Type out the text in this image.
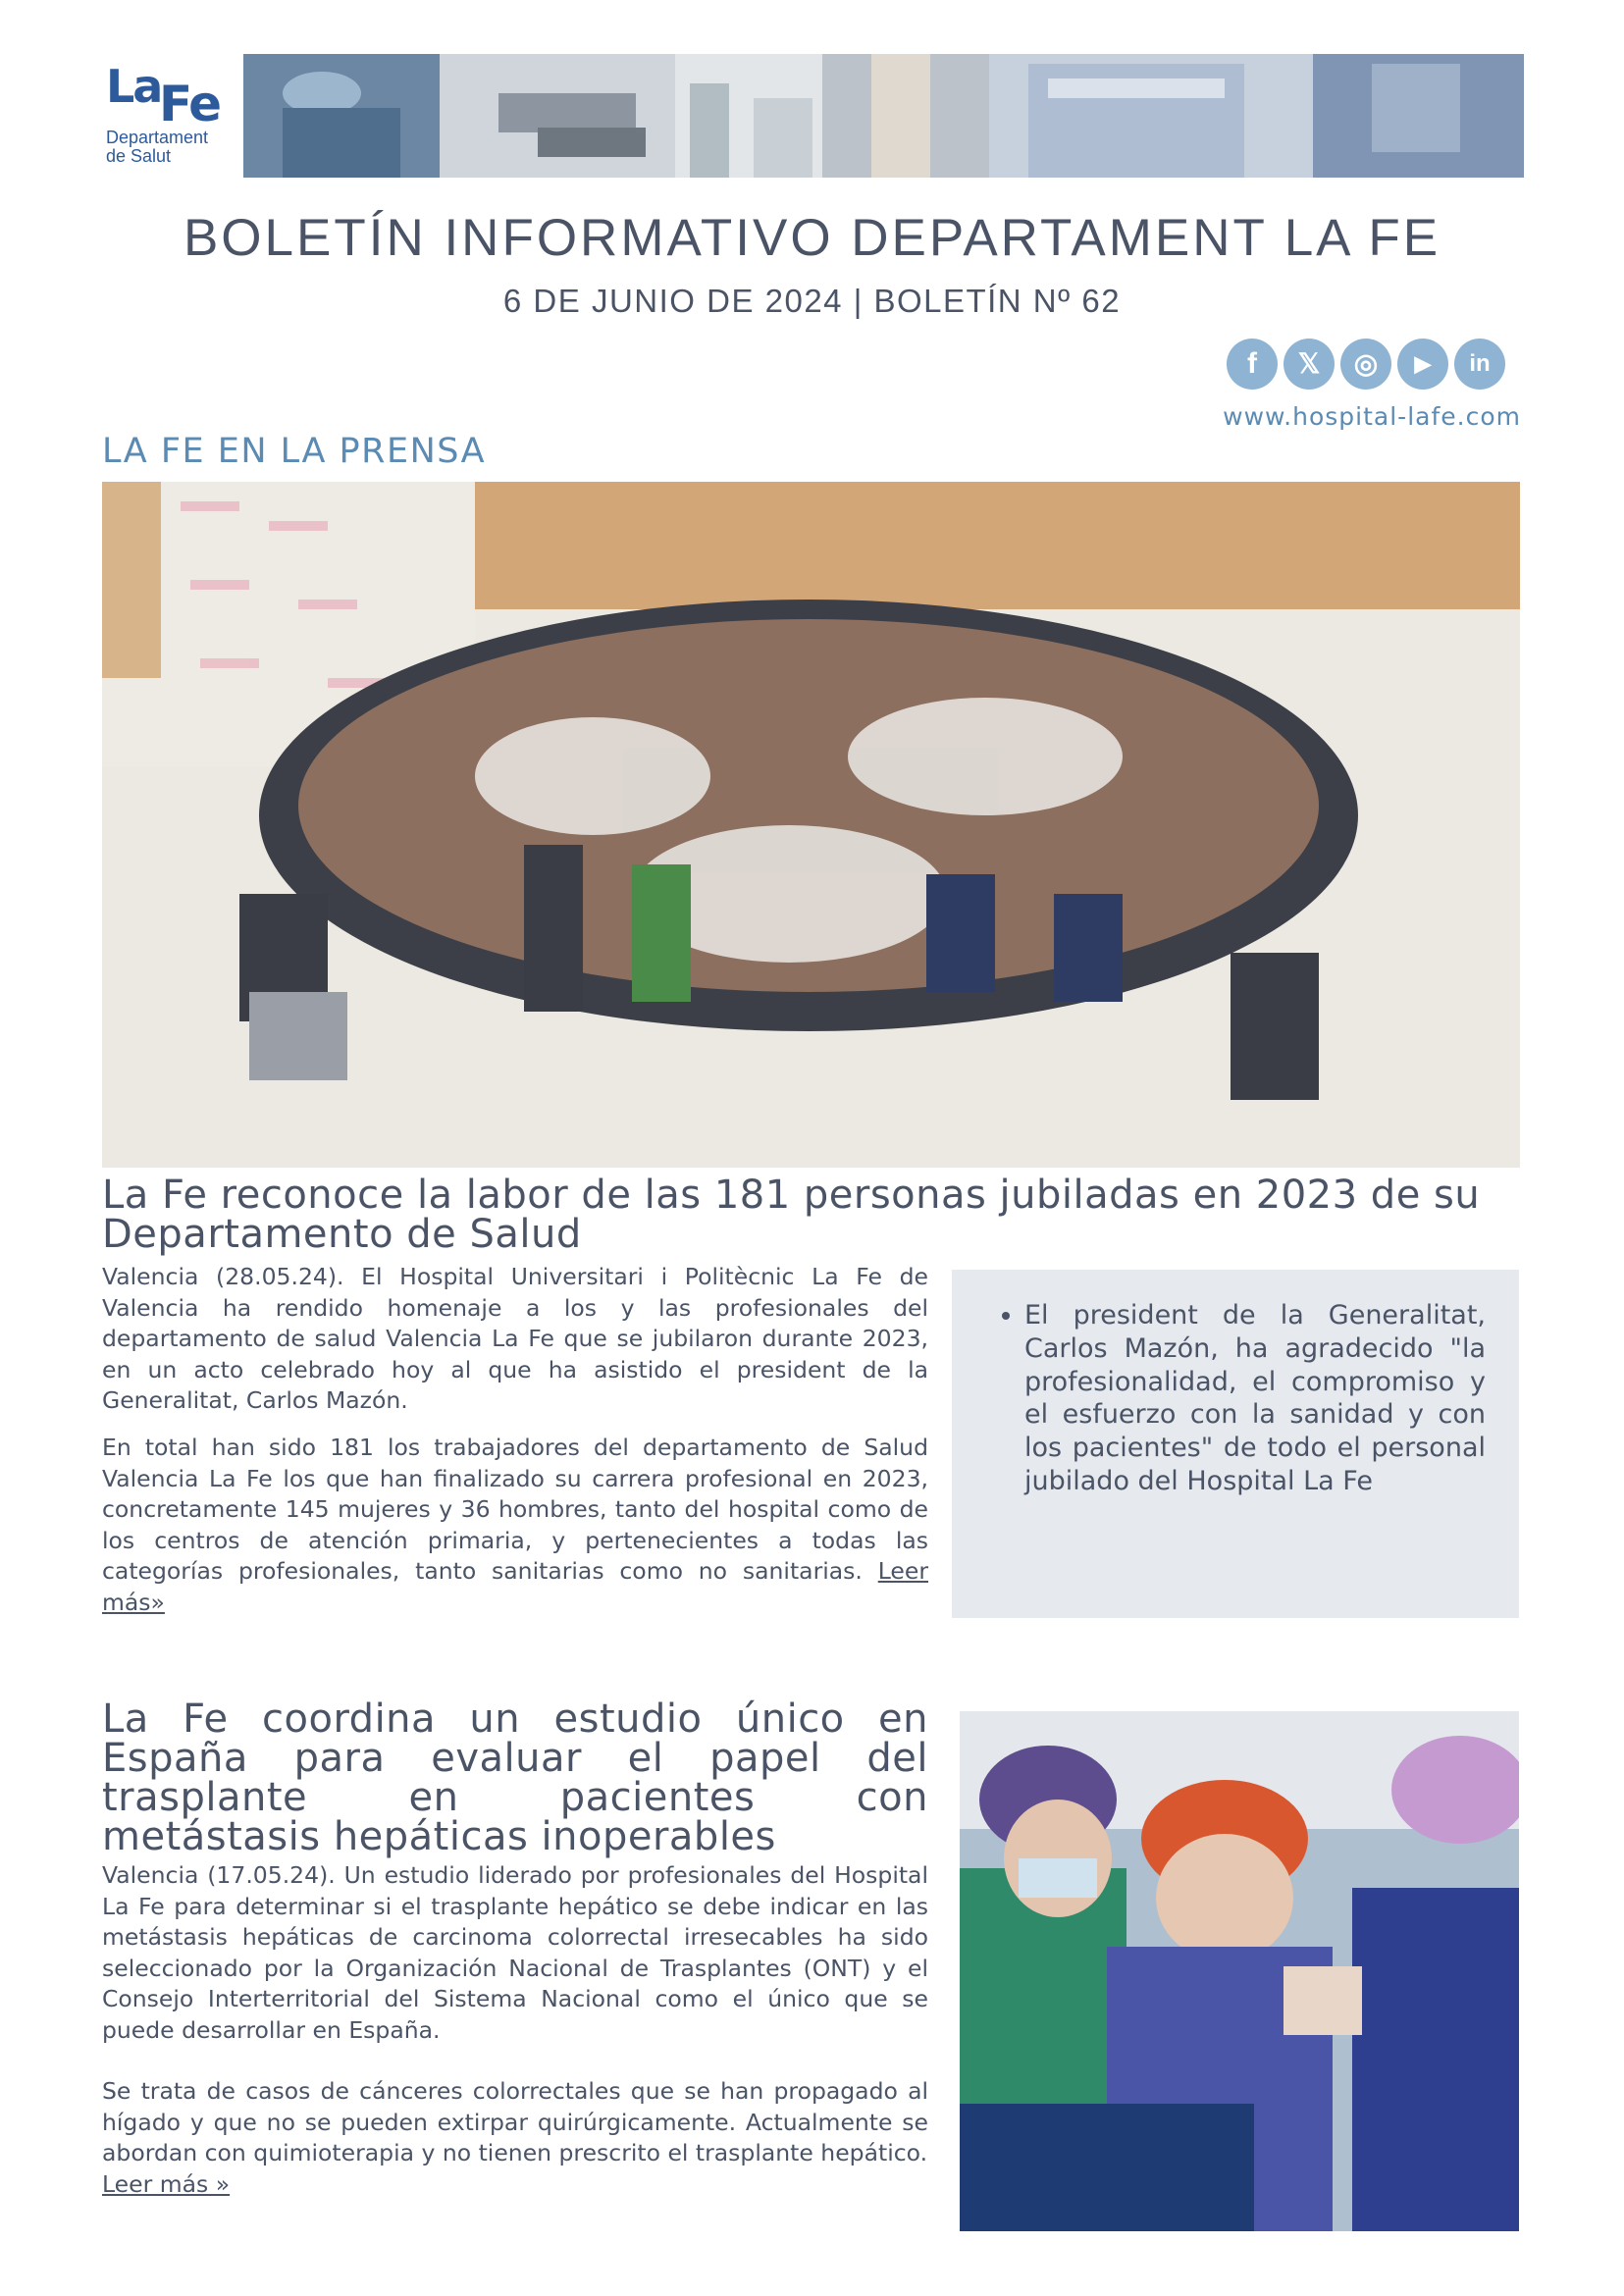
La
Fe
Departament
de Salut
BOLETÍN INFORMATIVO DEPARTAMENT LA FE
6 DE JUNIO DE 2024 | BOLETÍN Nº 62
f	𝕏	◎	▶	in
www.hospital-lafe.com
LA FE EN LA PRENSA
La Fe reconoce la labor de las 181 personas jubiladas en 2023 de su Departamento de Salud
Valencia (28.05.24). El Hospital Universitari i Politècnic La Fe de Valencia ha rendido homenaje a los y las profesionales del departamento de salud Valencia La Fe que se jubilaron durante 2023, en un acto celebrado hoy al que ha asistido el president de la Generalitat, Carlos Mazón.
En total han sido 181 los trabajadores del departamento de Salud Valencia La Fe los que han finalizado su carrera profesional en 2023, concretamente 145 mujeres y 36 hombres, tanto del hospital como de los centros de atención primaria, y pertenecientes a todas las categorías profesionales, tanto sanitarias como no sanitarias. Leer más»
• El president de la Generalitat, Carlos Mazón, ha agradecido "la profesionalidad, el compromiso y el esfuerzo con la sanidad y con los pacientes" de todo el personal jubilado del Hospital La Fe
La Fe coordina un estudio único en
España para evaluar el papel del
trasplante en pacientes con
metástasis hepáticas inoperables
Valencia (17.05.24). Un estudio liderado por profesionales del Hospital La Fe para determinar si el trasplante hepático se debe indicar en las metástasis hepáticas de carcinoma colorrectal irresecables ha sido seleccionado por la Organización Nacional de Trasplantes (ONT) y el Consejo Interterritorial del Sistema Nacional como el único que se puede desarrollar en España.
Se trata de casos de cánceres colorrectales que se han propagado al hígado y que no se pueden extirpar quirúrgicamente. Actualmente se abordan con quimioterapia y no tienen prescrito el trasplante hepático.
Leer más »
